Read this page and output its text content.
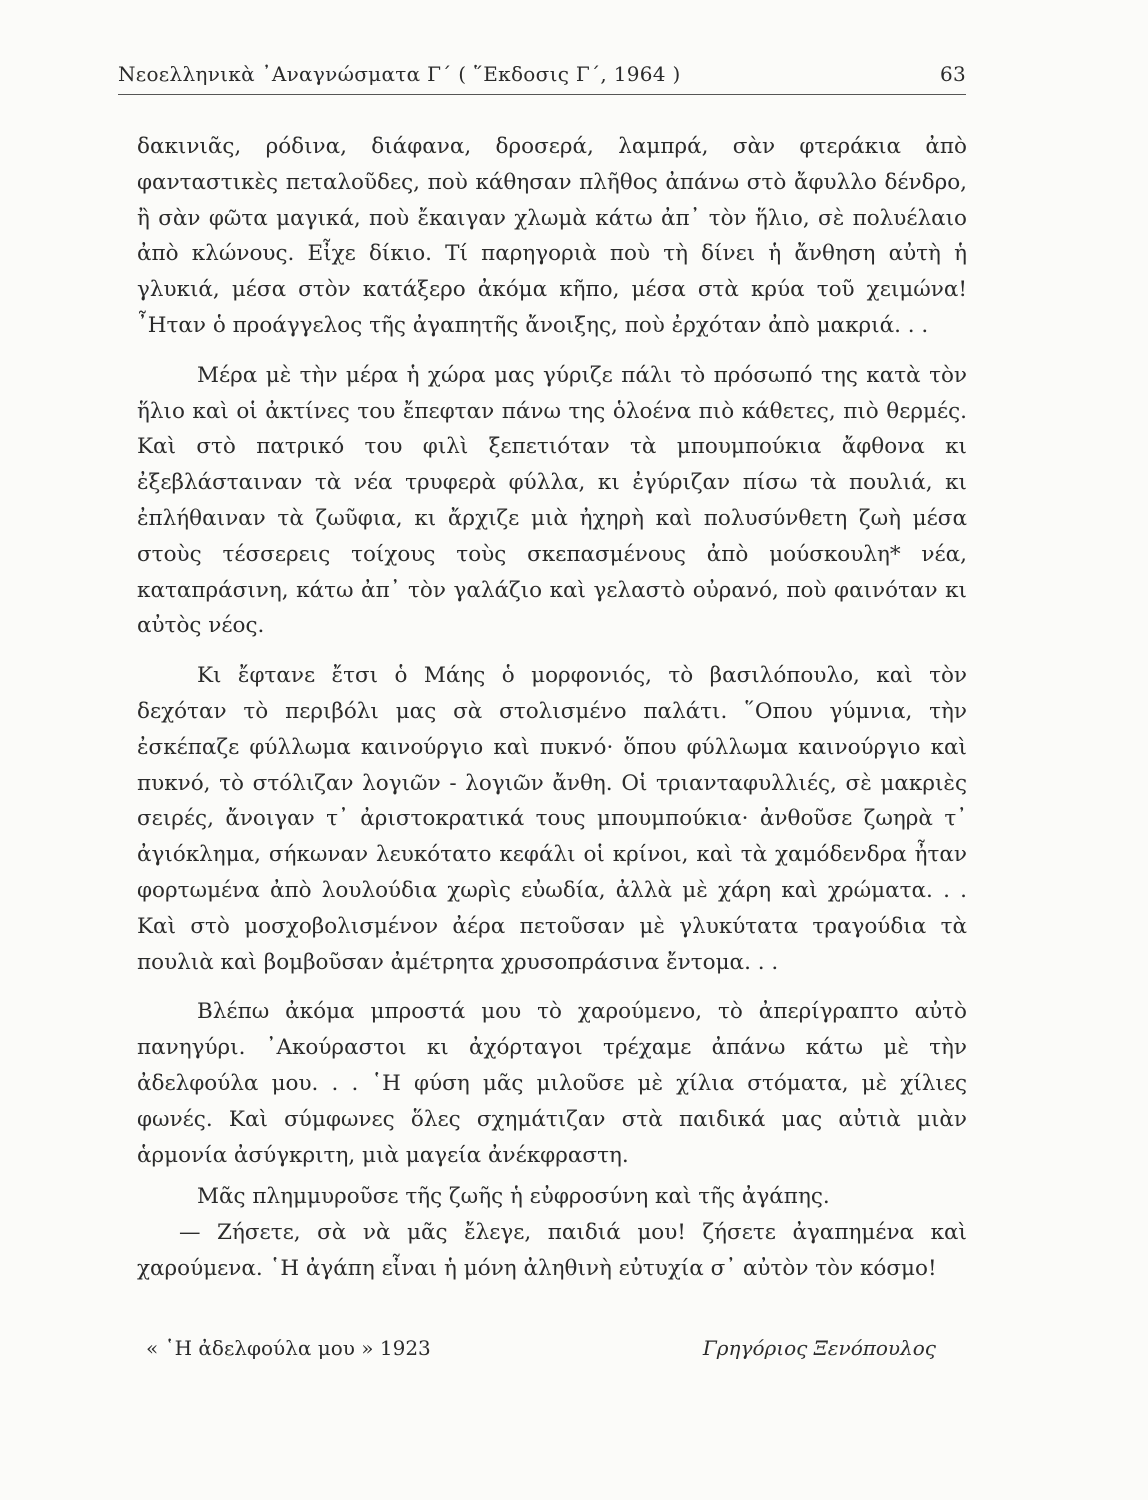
Νεοελληνικὰ ᾿Αναγνώσματα Γ΄ ( ῞Εκδοσις Γ΄, 1964 )	63

δακινιᾶς, ρόδινα, διάφανα, δροσερά, λαμπρά, σὰν φτεράκια ἀπὸ φανταστικὲς πεταλοῦδες, ποὺ κάθησαν πλῆθος ἀπάνω στὸ ἄφυλλο δένδρο, ἢ σὰν φῶτα μαγικά, ποὺ ἔκαιγαν χλωμὰ κάτω ἀπ᾿ τὸν ἥλιο, σὲ πολυέλαιο ἀπὸ κλώνους. Εἶχε δίκιο. Τί παρηγοριὰ ποὺ τὴ δίνει ἡ ἄνθηση αὐτὴ ἡ γλυκιά, μέσα στὸν κατάξερο ἀκόμα κῆπο, μέσα στὰ κρύα τοῦ χειμώνα! ῏Ηταν ὁ προάγγελος τῆς ἀγαπητῆς ἄνοιξης, ποὺ ἐρχόταν ἀπὸ μακριά. . .

Μέρα μὲ τὴν μέρα ἡ χώρα μας γύριζε πάλι τὸ πρόσωπό της κατὰ τὸν ἥλιο καὶ οἱ ἀκτίνες του ἔπεφταν πάνω της ὁλοένα πιὸ κάθετες, πιὸ θερμές. Καὶ στὸ πατρικό του φιλὶ ξεπετιόταν τὰ μπουμπούκια ἄφθονα κι ἐξεβλάσταιναν τὰ νέα τρυφερὰ φύλλα, κι ἐγύριζαν πίσω τὰ πουλιά, κι ἐπλήθαιναν τὰ ζωῦφια, κι ἄρχιζε μιὰ ἠχηρὴ καὶ πολυσύνθετη ζωὴ μέσα στοὺς τέσσερεις τοίχους τοὺς σκεπασμένους ἀπὸ μούσκουλη* νέα, καταπράσινη, κάτω ἀπ᾿ τὸν γαλάζιο καὶ γελαστὸ οὐρανό, ποὺ φαινόταν κι αὐτὸς νέος.

Κι ἔφτανε ἔτσι ὁ Μάης ὁ μορφονιός, τὸ βασιλόπουλο, καὶ τὸν δεχόταν τὸ περιβόλι μας σὰ στολισμένο παλάτι. ῞Οπου γύμνια, τὴν ἐσκέπαζε φύλλωμα καινούργιο καὶ πυκνό· ὅπου φύλλωμα καινούργιο καὶ πυκνό, τὸ στόλιζαν λογιῶν - λογιῶν ἄνθη. Οἱ τριανταφυλλιές, σὲ μακριὲς σειρές, ἄνοιγαν τ᾿ ἀριστοκρατικά τους μπουμπούκια· ἀνθοῦσε ζωηρὰ τ᾿ ἀγιόκλημα, σήκωναν λευκότατο κεφάλι οἱ κρίνοι, καὶ τὰ χαμόδενδρα ἦταν φορτωμένα ἀπὸ λουλούδια χωρὶς εὐωδία, ἀλλὰ μὲ χάρη καὶ χρώματα. . . Καὶ στὸ μοσχοβολισμένον ἀέρα πετοῦσαν μὲ γλυκύτατα τραγούδια τὰ πουλιὰ καὶ βομβοῦσαν ἀμέτρητα χρυσοπράσινα ἔντομα. . .

Βλέπω ἀκόμα μπροστά μου τὸ χαρούμενο, τὸ ἀπερίγραπτο αὐτὸ πανηγύρι. ᾿Ακούραστοι κι ἀχόρταγοι τρέχαμε ἀπάνω κάτω μὲ τὴν ἀδελφούλα μου. . . ῾Η φύση μᾶς μιλοῦσε μὲ χίλια στόματα, μὲ χίλιες φωνές. Καὶ σύμφωνες ὅλες σχημάτιζαν στὰ παιδικά μας αὐτιὰ μιὰν ἁρμονία ἀσύγκριτη, μιὰ μαγεία ἀνέκφραστη.

Μᾶς πλημμυροῦσε τῆς ζωῆς ἡ εὐφροσύνη καὶ τῆς ἀγάπης.

— Ζήσετε, σὰ νὰ μᾶς ἔλεγε, παιδιά μου! ζήσετε ἀγαπημένα καὶ χαρούμενα. ῾Η ἀγάπη εἶναι ἡ μόνη ἀληθινὴ εὐτυχία σ᾿ αὐτὸν τὸν κόσμο!

« ῾Η ἀδελφούλα μου » 1923	Γρηγόριος Ξενόπουλος
